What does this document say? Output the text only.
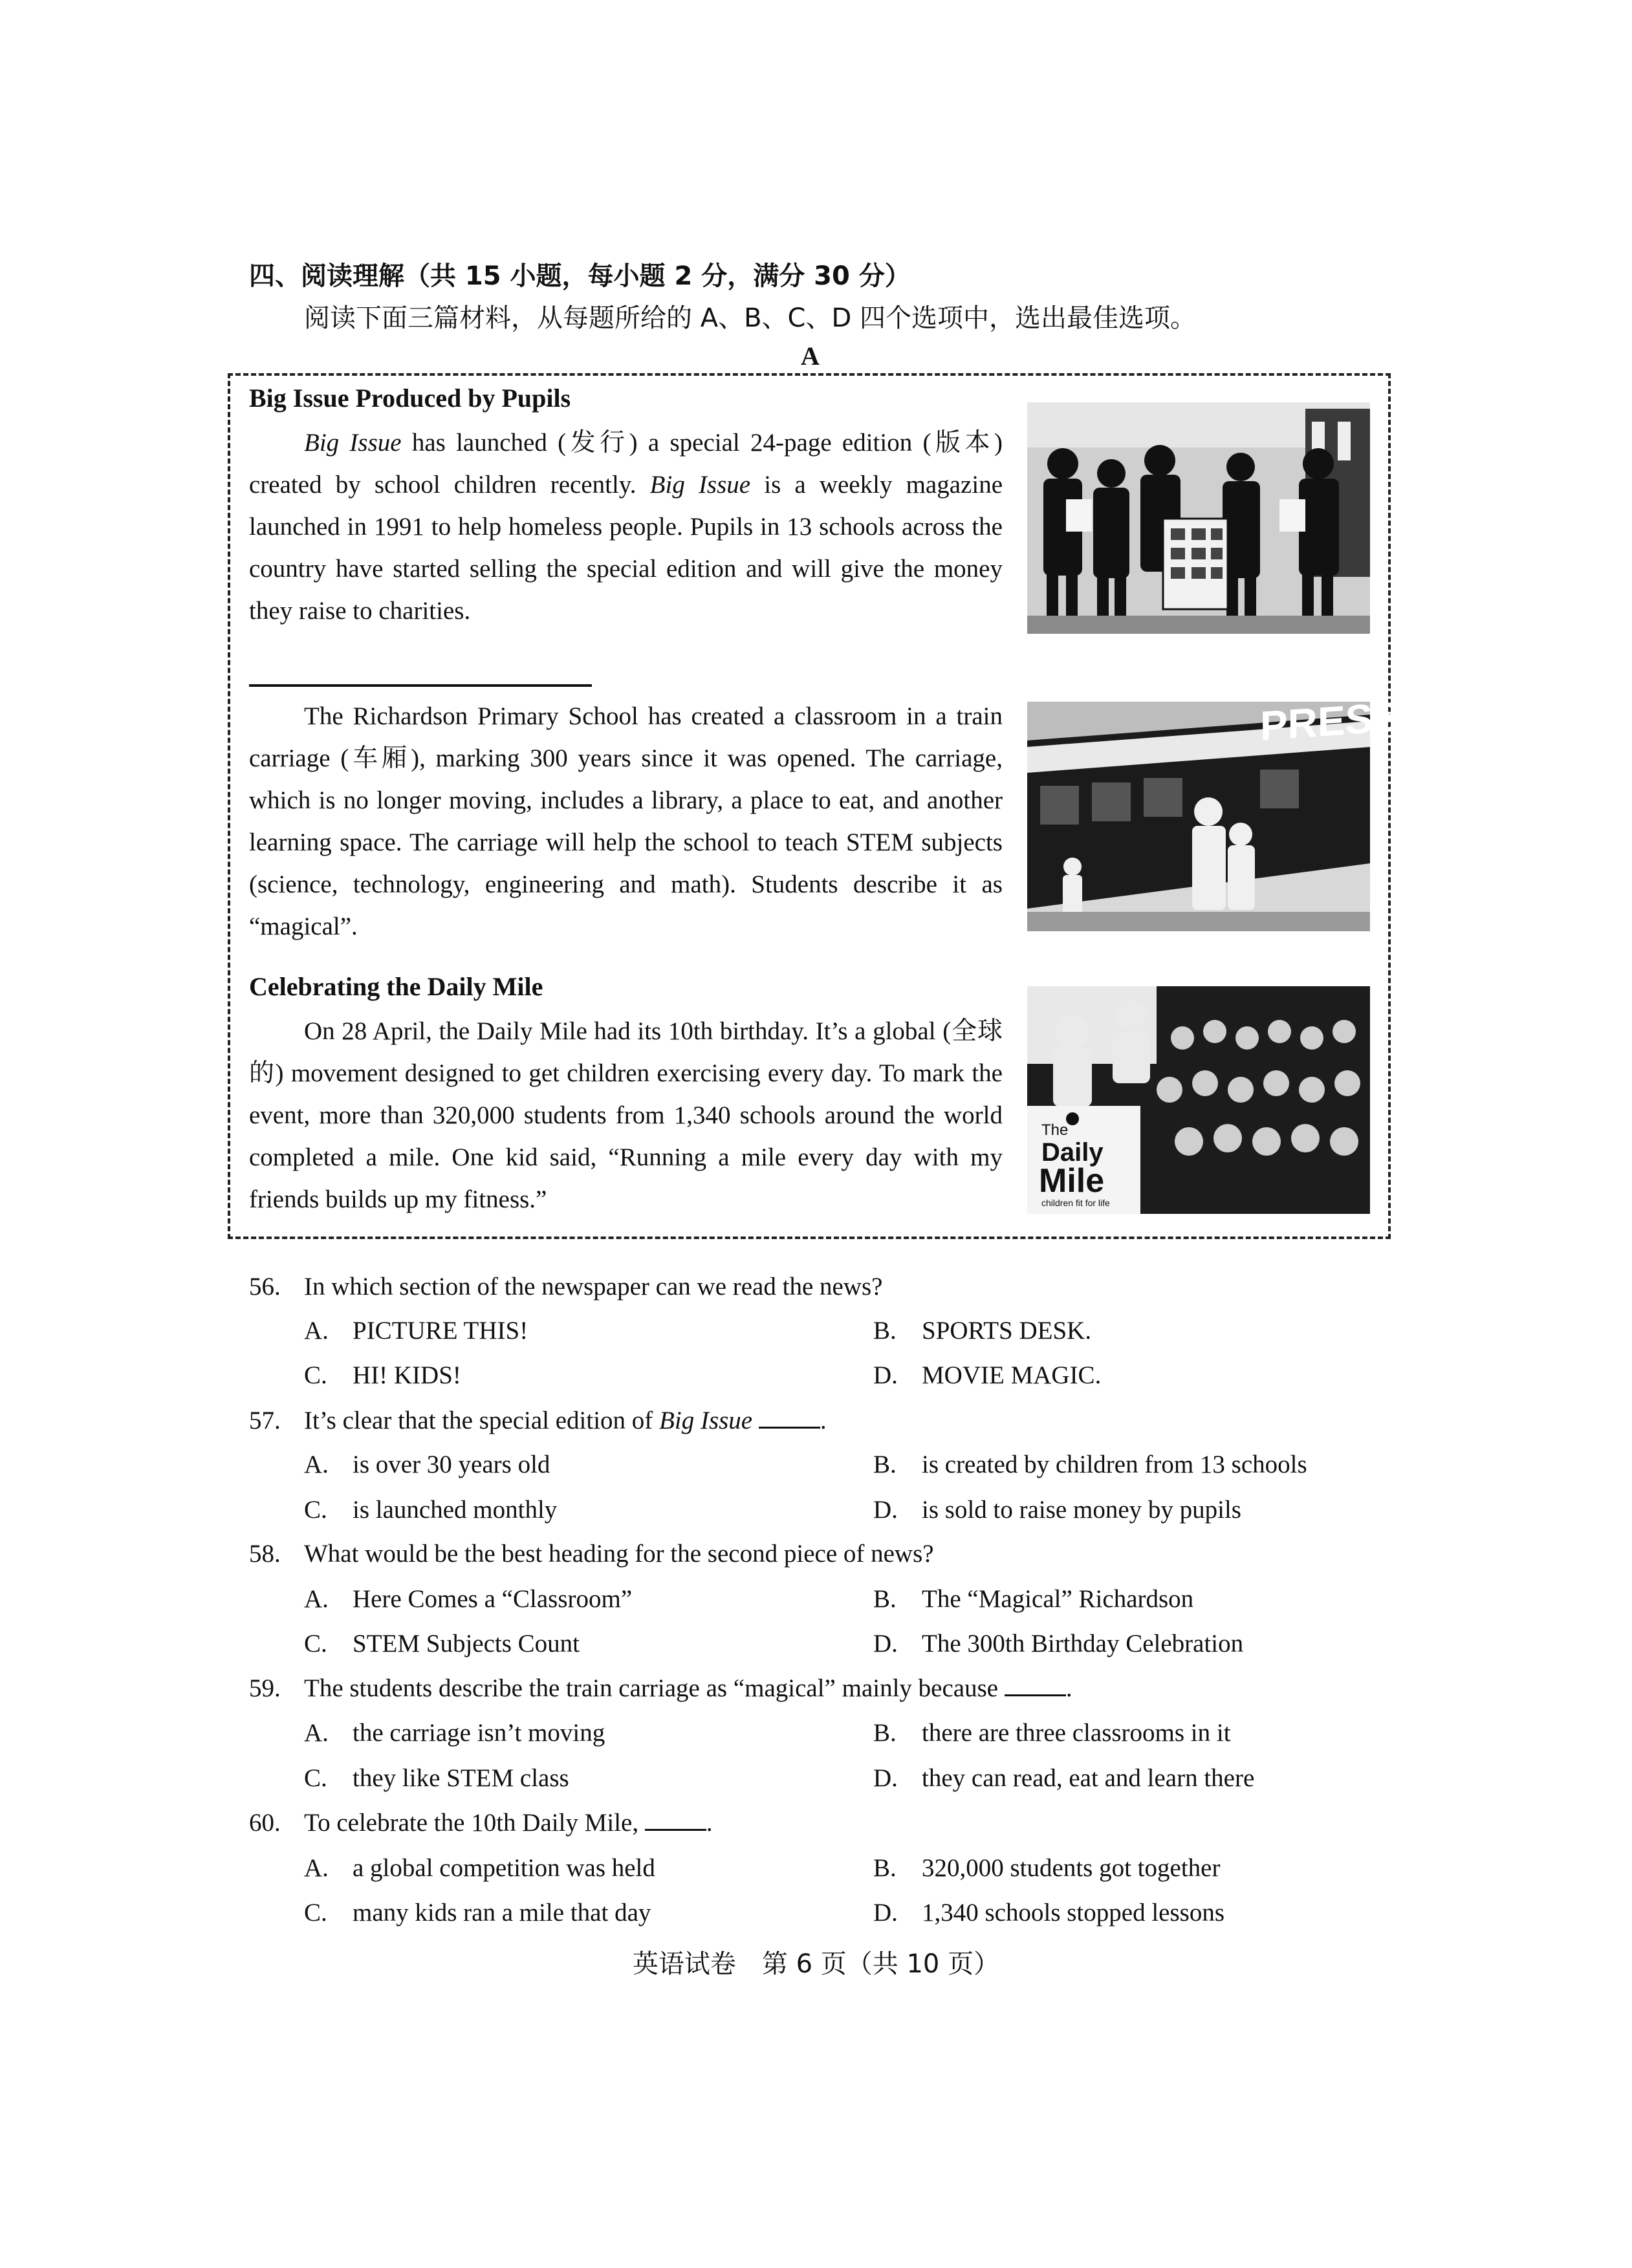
四、阅读理解（共 15 小题，每小题 2 分，满分 30 分）
阅读下面三篇材料，从每题所给的 A、B、C、D 四个选项中，选出最佳选项。
A
Big Issue Produced by Pupils

Big Issue has launched (发行) a special 24-page edition (版本) created by school children recently. Big Issue is a weekly magazine launched in 1991 to help homeless people. Pupils in 13 schools across the country have started selling the special edition and will give the money they raise to charities.

The Richardson Primary School has created a classroom in a train carriage (车厢), marking 300 years since it was opened. The carriage, which is no longer moving, includes a library, a place to eat, and another learning space. The carriage will help the school to teach STEM subjects (science, technology, engineering and math). Students describe it as “magical”.

PRESS
300
Celebrating the Daily Mile

On 28 April, the Daily Mile had its 10th birthday. It’s a global (全球的) movement designed to get children exercising every day. To mark the event, more than 320,000 students from 1,340 schools around the world completed a mile. One kid said, “Running a mile every day with my friends builds up my fitness.”

The
Daily
Mile
children fit for life
56. In which section of the newspaper can we read the news?
A. PICTURE THIS!	B. SPORTS DESK.
C. HI! KIDS!	D. MOVIE MAGIC.
57. It’s clear that the special edition of Big Issue	.
A. is over 30 years old	B. is created by children from 13 schools
C. is launched monthly	D. is sold to raise money by pupils
58. What would be the best heading for the second piece of news?
A. Here Comes a “Classroom”	B. The “Magical” Richardson
C. STEM Subjects Count	D. The 300th Birthday Celebration
59. The students describe the train carriage as “magical” mainly because .
A. the carriage isn’t moving	B. there are three classrooms in it
C. they like STEM class	D. they can read, eat and learn there
60. To celebrate the 10th Daily Mile, .
A. a global competition was held	B. 320,000 students got together
C. many kids ran a mile that day	D. 1,340 schools stopped lessons
英语试卷　第 6 页（共 10 页）
